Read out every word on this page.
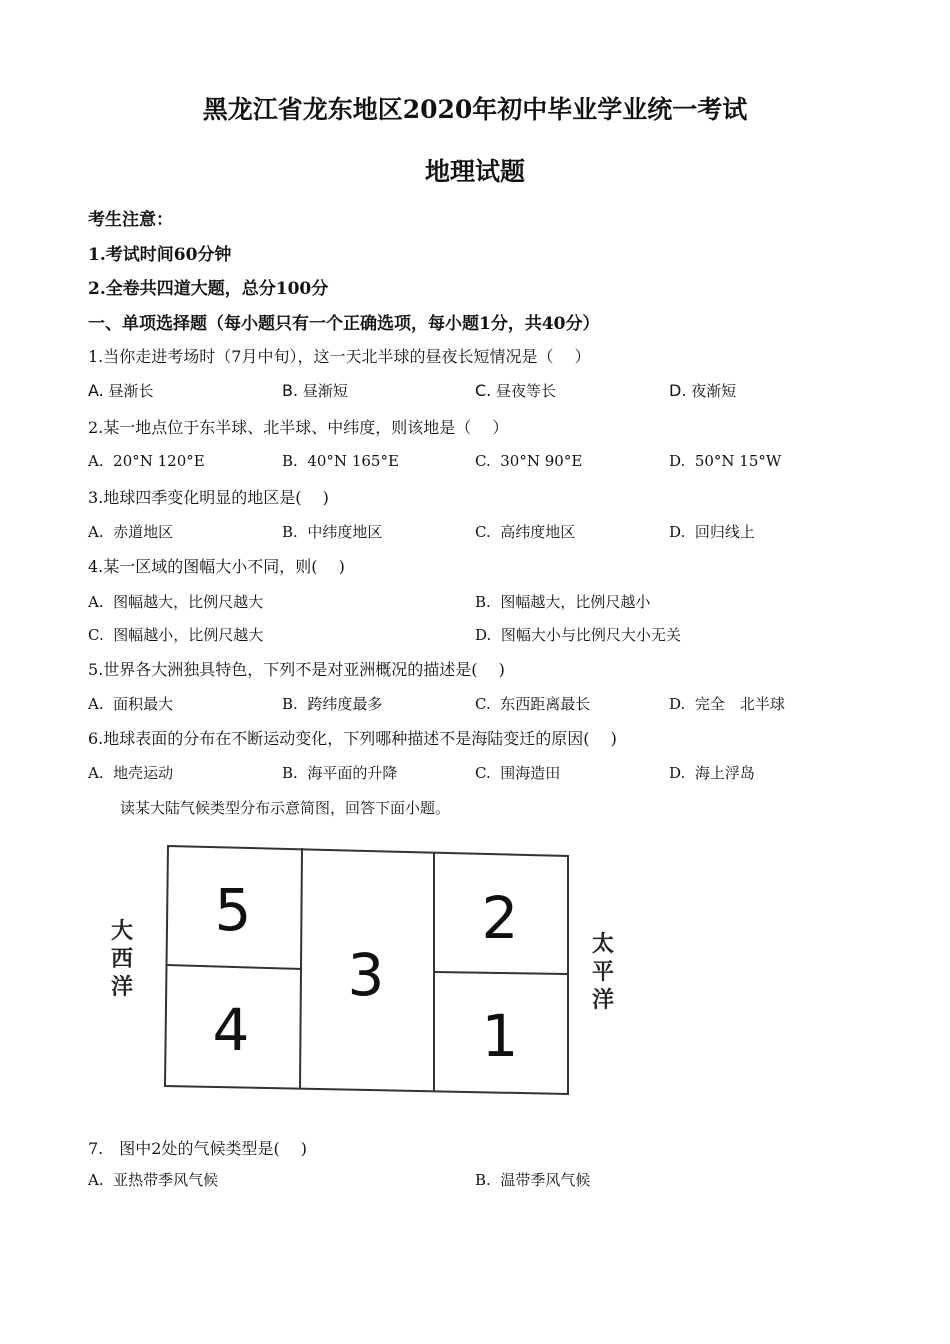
黑龙江省龙东地区2020年初中毕业学业统一考试
地理试题
考生注意：
1.考试时间60分钟
2.全卷共四道大题，总分100分
一、单项选择题（每小题只有一个正确选项，每小题1分，共40分）
1.当你走进考场时（7月中旬），这一天北半球的昼夜长短情况是（　 ）
A. 昼渐长	B. 昼渐短	C. 昼夜等长	D. 夜渐短
2.某一地点位于东半球、北半球、中纬度，则该地是（　 ）
A. 20°N 120°E	B. 40°N 165°E	C. 30°N 90°E	D. 50°N 15°W
3.地球四季变化明显的地区是(　 )
A. 赤道地区	B. 中纬度地区	C. 高纬度地区	D. 回归线上
4.某一区域的图幅大小不同，则(　 )
A. 图幅越大，比例尺越大	B. 图幅越大，比例尺越小
C. 图幅越小，比例尺越大	D. 图幅大小与比例尺大小无关
5.世界各大洲独具特色，下列不是对亚洲概况的描述是(　 )
A. 面积最大	B. 跨纬度最多	C. 东西距离最长	D. 完全　北半球
6.地球表面的分布在不断运动变化，下列哪种描述不是海陆变迁的原因(　 )
A. 地壳运动	B. 海平面的升降	C. 围海造田	D. 海上浮岛
读某大陆气候类型分布示意简图，回答下面小题。
5
4
3
2
1
大
西
洋
太
平
洋
7.　图中2处的气候类型是(　 )
A. 亚热带季风气候	B. 温带季风气候
